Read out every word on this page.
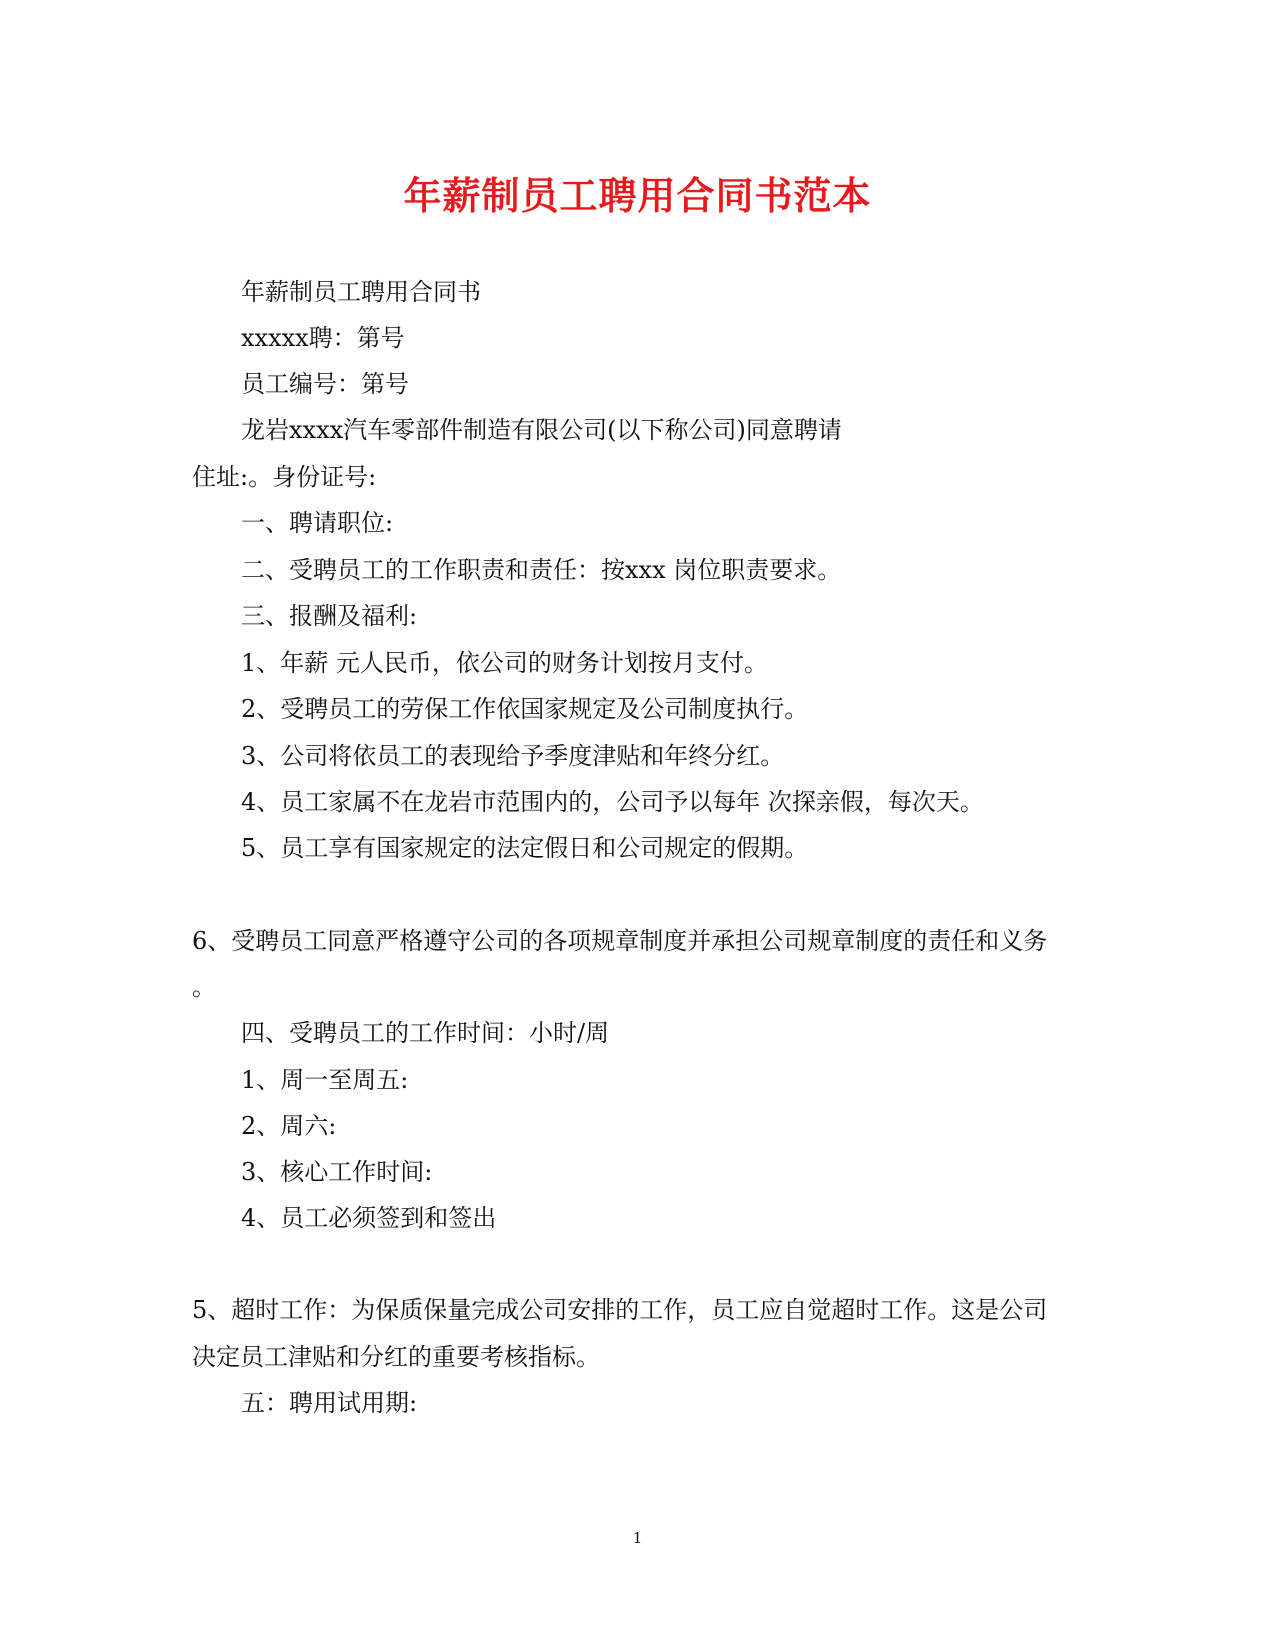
年薪制员工聘用合同书范本
年薪制员工聘用合同书
xxxxx聘：第号
员工编号：第号
龙岩xxxx汽车零部件制造有限公司(以下称公司)同意聘请
住址:。身份证号:
一、聘请职位:
二、受聘员工的工作职责和责任：按xxx 岗位职责要求。
三、报酬及福利:
1、年薪 元人民币，依公司的财务计划按月支付。
2、受聘员工的劳保工作依国家规定及公司制度执行。
3、公司将依员工的表现给予季度津贴和年终分红。
4、员工家属不在龙岩市范围内的，公司予以每年 次探亲假，每次天。
5、员工享有国家规定的法定假日和公司规定的假期。
6、受聘员工同意严格遵守公司的各项规章制度并承担公司规章制度的责任和义务
。
四、受聘员工的工作时间：小时/周
1、周一至周五:
2、周六:
3、核心工作时间:
4、员工必须签到和签出
5、超时工作：为保质保量完成公司安排的工作，员工应自觉超时工作。这是公司
决定员工津贴和分红的重要考核指标。
五：聘用试用期:
1
